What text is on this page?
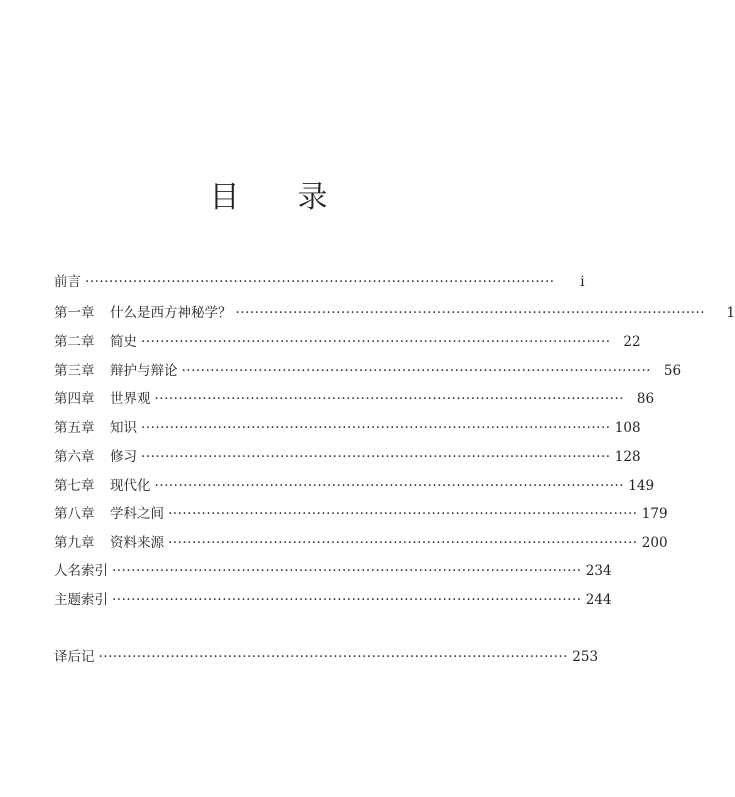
目 录
前言 ··································································································	i
第一章 什么是西方神秘学？ ··································································································	1
第二章 简史 ·································································································· 22
第三章 辩护与辩论 ·································································································· 56
第四章 世界观 ·································································································· 86
第五章 知识 ·································································································· 108
第六章 修习 ·································································································· 128
第七章 现代化 ·································································································· 149
第八章 学科之间 ·································································································· 179
第九章 资料来源 ·································································································· 200
人名索引 ·································································································· 234
主题索引 ·································································································· 244
译后记 ·································································································· 253
